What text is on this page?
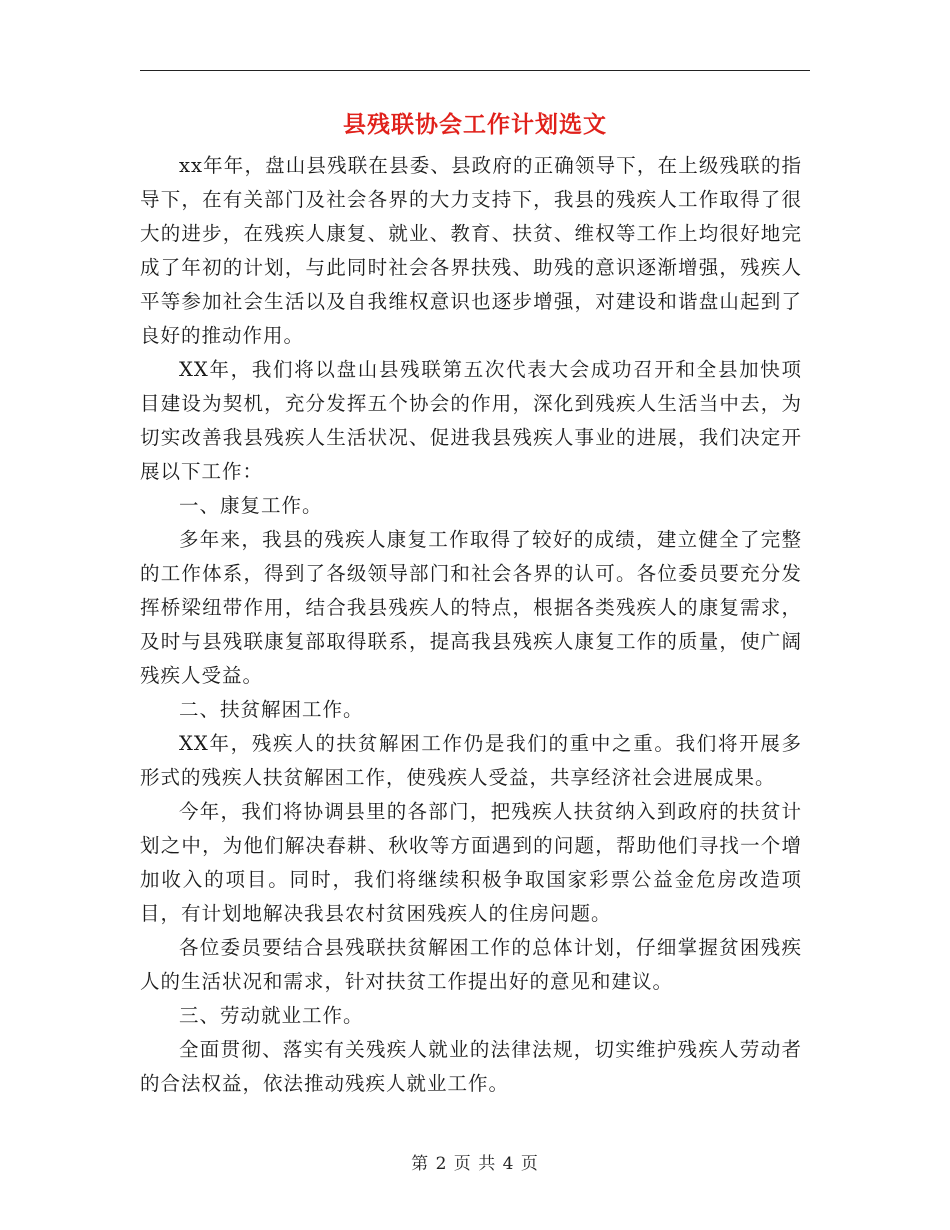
县残联协会工作计划选文

xx年年，盘山县残联在县委、县政府的正确领导下，在上级残联的指导下，在有关部门及社会各界的大力支持下，我县的残疾人工作取得了很大的进步，在残疾人康复、就业、教育、扶贫、维权等工作上均很好地完成了年初的计划，与此同时社会各界扶残、助残的意识逐渐增强，残疾人平等参加社会生活以及自我维权意识也逐步增强，对建设和谐盘山起到了良好的推动作用。

XX年，我们将以盘山县残联第五次代表大会成功召开和全县加快项目建设为契机，充分发挥五个协会的作用，深化到残疾人生活当中去，为切实改善我县残疾人生活状况、促进我县残疾人事业的进展，我们决定开展以下工作：

一、康复工作。

多年来，我县的残疾人康复工作取得了较好的成绩，建立健全了完整的工作体系，得到了各级领导部门和社会各界的认可。各位委员要充分发挥桥梁纽带作用，结合我县残疾人的特点，根据各类残疾人的康复需求，及时与县残联康复部取得联系，提高我县残疾人康复工作的质量，使广阔残疾人受益。

二、扶贫解困工作。

XX年，残疾人的扶贫解困工作仍是我们的重中之重。我们将开展多形式的残疾人扶贫解困工作，使残疾人受益，共享经济社会进展成果。

今年，我们将协调县里的各部门，把残疾人扶贫纳入到政府的扶贫计划之中，为他们解决春耕、秋收等方面遇到的问题，帮助他们寻找一个增加收入的项目。同时，我们将继续积极争取国家彩票公益金危房改造项目，有计划地解决我县农村贫困残疾人的住房问题。

各位委员要结合县残联扶贫解困工作的总体计划，仔细掌握贫困残疾人的生活状况和需求，针对扶贫工作提出好的意见和建议。

三、劳动就业工作。

全面贯彻、落实有关残疾人就业的法律法规，切实维护残疾人劳动者的合法权益，依法推动残疾人就业工作。

第 2 页 共 4 页
